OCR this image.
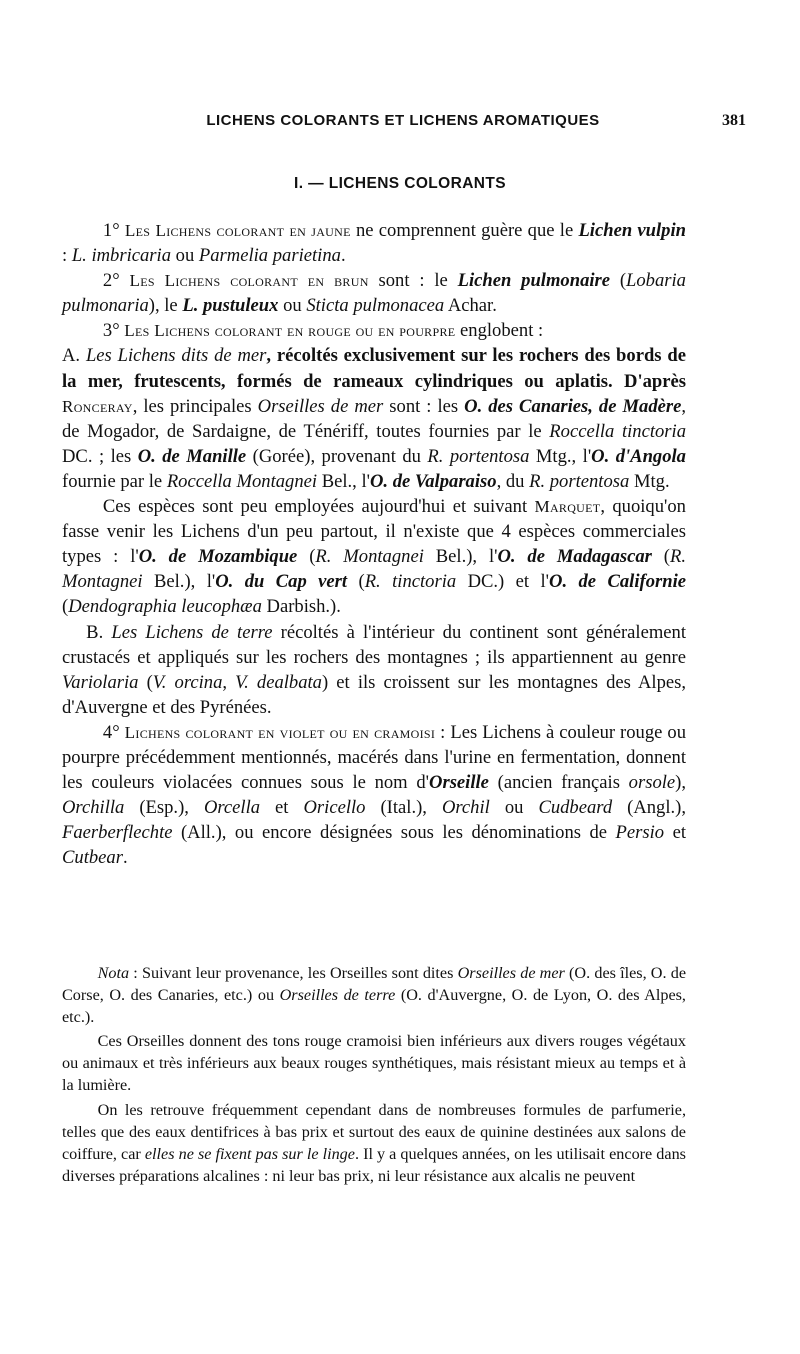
LICHENS COLORANTS ET LICHENS AROMATIQUES	381
I. — LICHENS COLORANTS

1° Les Lichens colorant en jaune ne comprennent guère que le Lichen vulpin : L. imbricaria ou Parmelia parietina.

2° Les Lichens colorant en brun sont : le Lichen pulmonaire (Lobaria pulmonaria), le L. pustuleux ou Sticta pulmonacea Achar.

3° Les Lichens colorant en rouge ou en pourpre englobent :

A. Les Lichens dits de mer, récoltés exclusivement sur les rochers des bords de la mer, frutescents, formés de rameaux cylindriques ou aplatis. D'après Ronceray, les principales Orseilles de mer sont : les O. des Canaries, de Madère, de Mogador, de Sardaigne, de Ténériff, toutes fournies par le Roccella tinctoria DC. ; les O. de Manille (Gorée), provenant du R. portentosa Mtg., l'O. d'Angola fournie par le Roccella Montagnei Bel., l'O. de Valparaiso, du R. portentosa Mtg.

Ces espèces sont peu employées aujourd'hui et suivant Marquet, quoiqu'on fasse venir les Lichens d'un peu partout, il n'existe que 4 espèces commerciales types : l'O. de Mozambique (R. Montagnei Bel.), l'O. de Madagascar (R. Montagnei Bel.), l'O. du Cap vert (R. tinctoria DC.) et l'O. de Californie (Dendographia leucophæa Darbish.).

B. Les Lichens de terre récoltés à l'intérieur du continent sont généralement crustacés et appliqués sur les rochers des montagnes ; ils appartiennent au genre Variolaria (V. orcina, V. dealbata) et ils croissent sur les montagnes des Alpes, d'Auvergne et des Pyrénées.

4° Lichens colorant en violet ou en cramoisi : Les Lichens à couleur rouge ou pourpre précédemment mentionnés, macérés dans l'urine en fermentation, donnent les couleurs violacées connues sous le nom d'Orseille (ancien français orsole), Orchilla (Esp.), Orcella et Oricello (Ital.), Orchil ou Cudbeard (Angl.), Faerberflechte (All.), ou encore désignées sous les dénominations de Persio et Cutbear.

Nota : Suivant leur provenance, les Orseilles sont dites Orseilles de mer (O. des îles, O. de Corse, O. des Canaries, etc.) ou Orseilles de terre (O. d'Auvergne, O. de Lyon, O. des Alpes, etc.).

Ces Orseilles donnent des tons rouge cramoisi bien inférieurs aux divers rouges végétaux ou animaux et très inférieurs aux beaux rouges synthétiques, mais résistant mieux au temps et à la lumière.

On les retrouve fréquemment cependant dans de nombreuses formules de parfumerie, telles que des eaux dentifrices à bas prix et surtout des eaux de quinine destinées aux salons de coiffure, car elles ne se fixent pas sur le linge. Il y a quelques années, on les utilisait encore dans diverses préparations alcalines : ni leur bas prix, ni leur résistance aux alcalis ne peuvent
